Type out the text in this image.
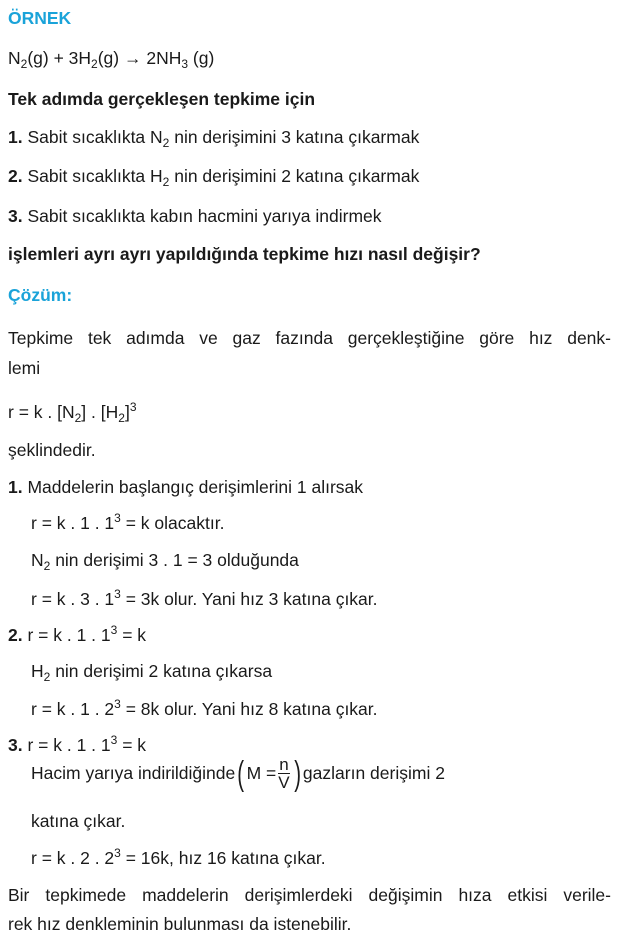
ÖRNEK
$N_2(g) + 3H_2(g) \to 2NH_3$ (g)
Tek adımda gerçekleşen tepkime için
1. Sabit sıcaklıkta $N_2$ nin derişimini 3 katına çıkarmak
2. Sabit sıcaklıkta $H_2$ nin derişimini 2 katına çıkarmak
3. Sabit sıcaklıkta kabın hacmini yarıya indirmek
işlemleri ayrı ayrı yapıldığında tepkime hızı nasıl değişir?
Çözüm:
Tepkime tek adımda ve gaz fazında gerçekleştiğine göre hız denk-
lemi
r = k . $[N_2]$ . $[H_2]^3$
şeklindedir.
1. Maddelerin başlangıç derişimlerini 1 alırsak
r = k . 1 . $1^3 = k$ olacaktır.
$N_2$ nin derişimi 3 . 1 = 3 olduğunda
r = k . 3 . $1^3 = 3k$ olur. Yani hız 3 katına çıkar.
2. r = k . 1 . $1^3 = k$
$H_2$ nin derişimi 2 katına çıkarsa
r = k . 1 . $2^3 = 8k$ olur. Yani hız 8 katına çıkar.
3. r = k . 1 . $1^3 = k$
Hacim yarıya indirildiğinde ( $M = \frac{n}{V}$ ) gazların derişimi 2
katına çıkar.
r = k . 2 . $2^3 = 16k$, hız 16 katına çıkar.
Bir tepkimede maddelerin derişimlerdeki değişimin hıza etkisi verile-
rek hız denkleminin bulunması da istenebilir.
